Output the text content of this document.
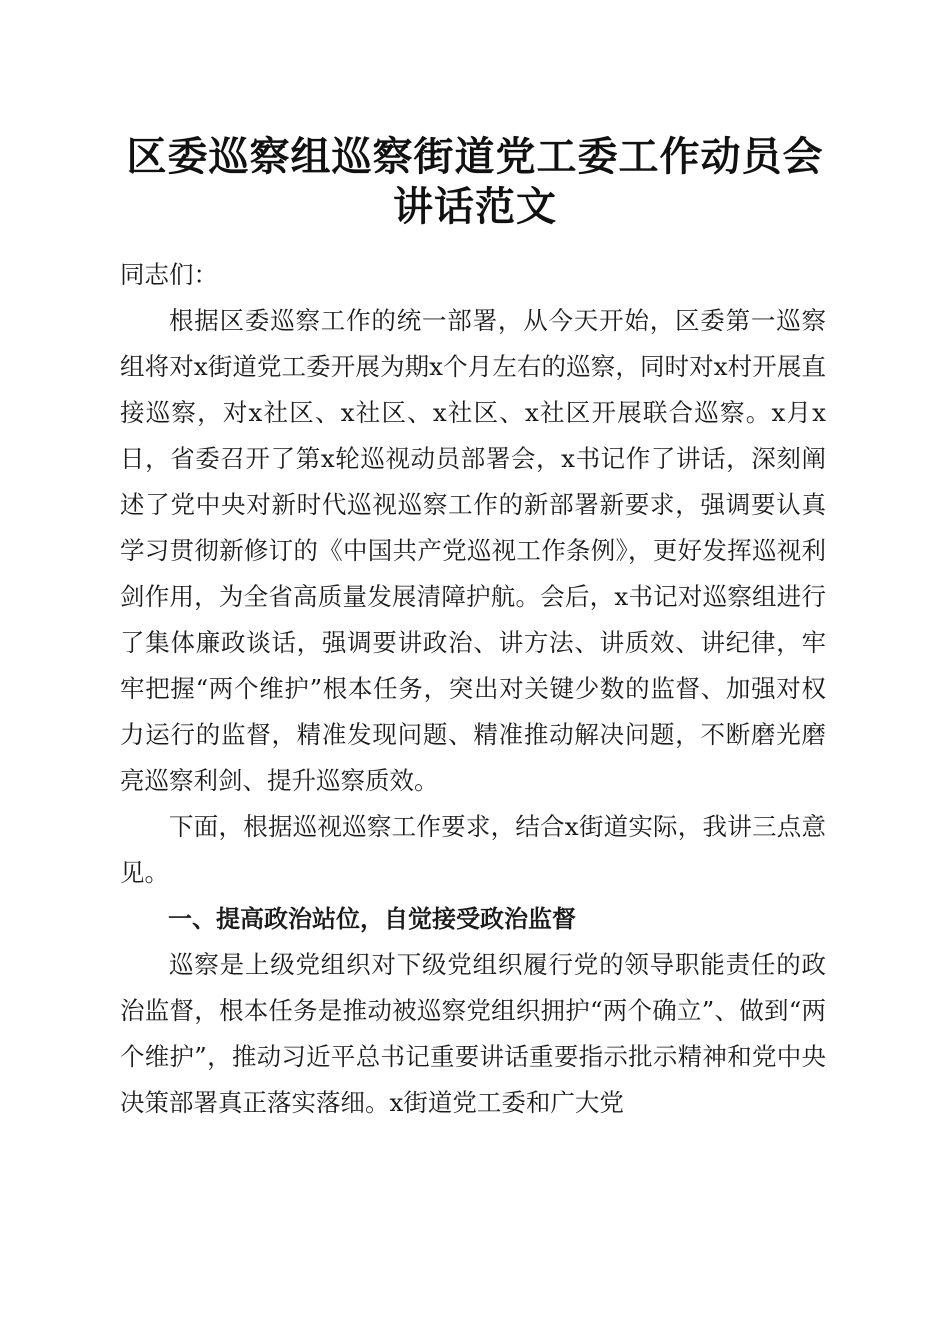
区委巡察组巡察街道党工委工作动员会讲话范文

同志们：

根据区委巡察工作的统一部署，从今天开始，区委第一巡察组将对x街道党工委开展为期x个月左右的巡察，同时对x村开展直接巡察，对x社区、x社区、x社区、x社区开展联合巡察。x月x日，省委召开了第x轮巡视动员部署会，x书记作了讲话，深刻阐述了党中央对新时代巡视巡察工作的新部署新要求，强调要认真学习贯彻新修订的《中国共产党巡视工作条例》，更好发挥巡视利剑作用，为全省高质量发展清障护航。会后，x书记对巡察组进行了集体廉政谈话，强调要讲政治、讲方法、讲质效、讲纪律，牢牢把握“两个维护”根本任务，突出对关键少数的监督、加强对权力运行的监督，精准发现问题、精准推动解决问题，不断磨光磨亮巡察利剑、提升巡察质效。

下面，根据巡视巡察工作要求，结合x街道实际，我讲三点意见。

一、提高政治站位，自觉接受政治监督

巡察是上级党组织对下级党组织履行党的领导职能责任的政治监督，根本任务是推动被巡察党组织拥护“两个确立”、做到“两个维护”，推动习近平总书记重要讲话重要指示批示精神和党中央决策部署真正落实落细。x街道党工委和广大党
